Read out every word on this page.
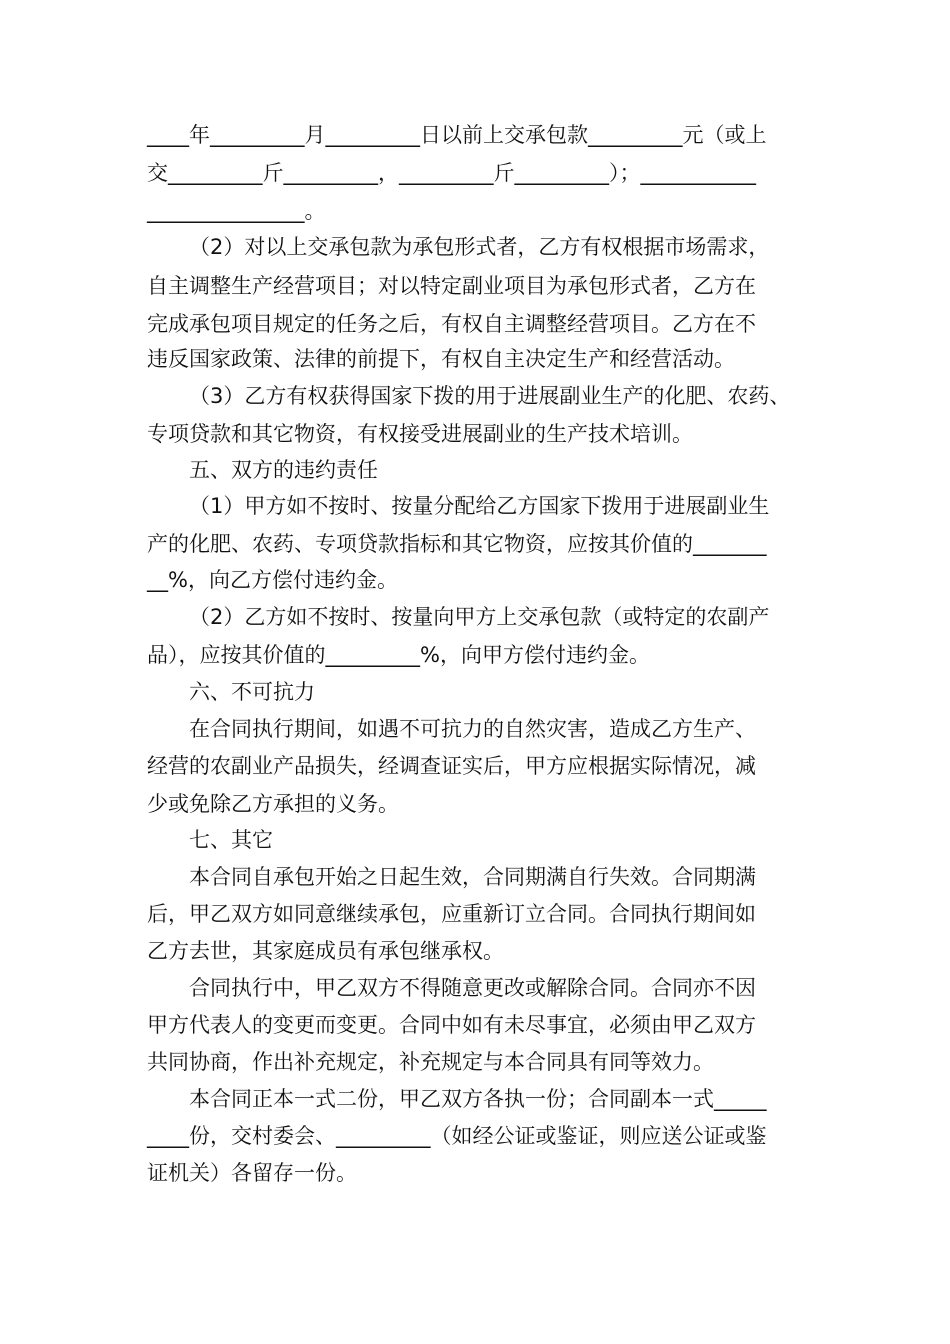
____年_________月_________日以前上交承包款_________元（或上
交_________斤_________，_________斤_________）；___________
_______________。
（2）对以上交承包款为承包形式者，乙方有权根据市场需求，
自主调整生产经营项目；对以特定副业项目为承包形式者，乙方在
完成承包项目规定的任务之后，有权自主调整经营项目。乙方在不
违反国家政策、法律的前提下，有权自主决定生产和经营活动。
（3）乙方有权获得国家下拨的用于进展副业生产的化肥、农药、
专项贷款和其它物资，有权接受进展副业的生产技术培训。
五、双方的违约责任
（1）甲方如不按时、按量分配给乙方国家下拨用于进展副业生
产的化肥、农药、专项贷款指标和其它物资，应按其价值的_______
__%，向乙方偿付违约金。
（2）乙方如不按时、按量向甲方上交承包款（或特定的农副产
品），应按其价值的_________%，向甲方偿付违约金。
六、不可抗力
在合同执行期间，如遇不可抗力的自然灾害，造成乙方生产、
经营的农副业产品损失，经调查证实后，甲方应根据实际情况，减
少或免除乙方承担的义务。
七、其它
本合同自承包开始之日起生效，合同期满自行失效。合同期满
后，甲乙双方如同意继续承包，应重新订立合同。合同执行期间如
乙方去世，其家庭成员有承包继承权。
合同执行中，甲乙双方不得随意更改或解除合同。合同亦不因
甲方代表人的变更而变更。合同中如有未尽事宜，必须由甲乙双方
共同协商，作出补充规定，补充规定与本合同具有同等效力。
本合同正本一式二份，甲乙双方各执一份；合同副本一式_____
____份，交村委会、_________（如经公证或鉴证，则应送公证或鉴
证机关）各留存一份。
